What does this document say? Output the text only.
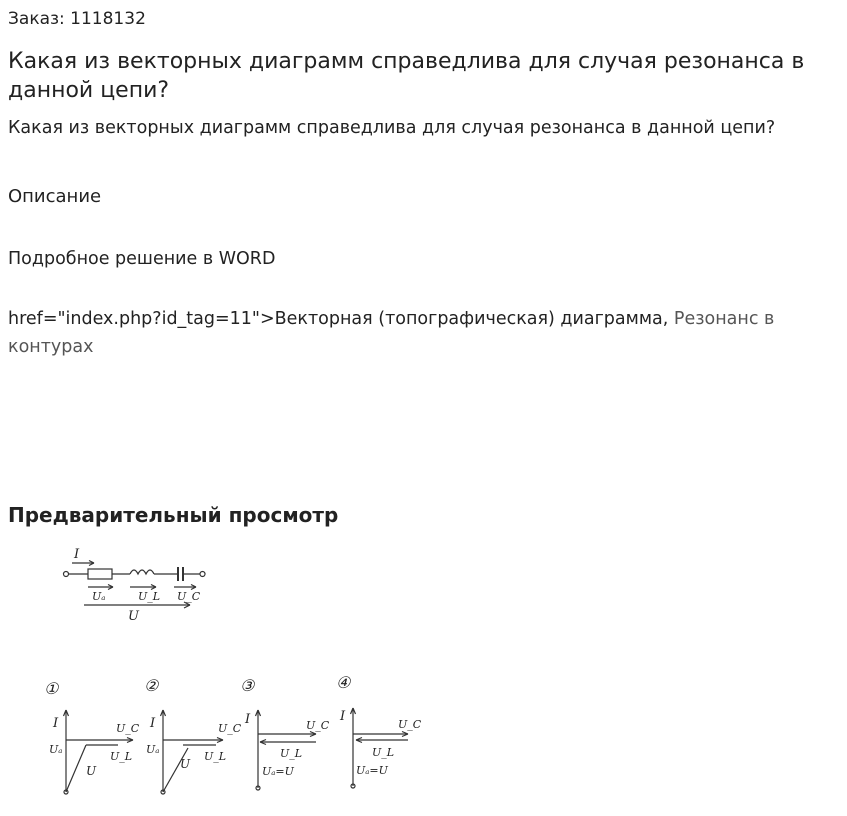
Заказ: 1118132
Какая из векторных диаграмм справедлива для случая резонанса в данной цепи?
Какая из векторных диаграмм справедлива для случая резонанса в данной цепи?
Описание
Подробное решение в WORD
href="index.php?id_tag=11">Векторная (топографическая) диаграмма, Резонанс в контурах
Предварительный просмотр
I
Uₐ	U_L U_C
U
①
I	U_C
Uₐ
U_L
U
②
I	U_C
Uₐ
U_L
U
③
I	U_C
U_L
Uₐ=U
④
I
U_C
U_L
Uₐ=U
